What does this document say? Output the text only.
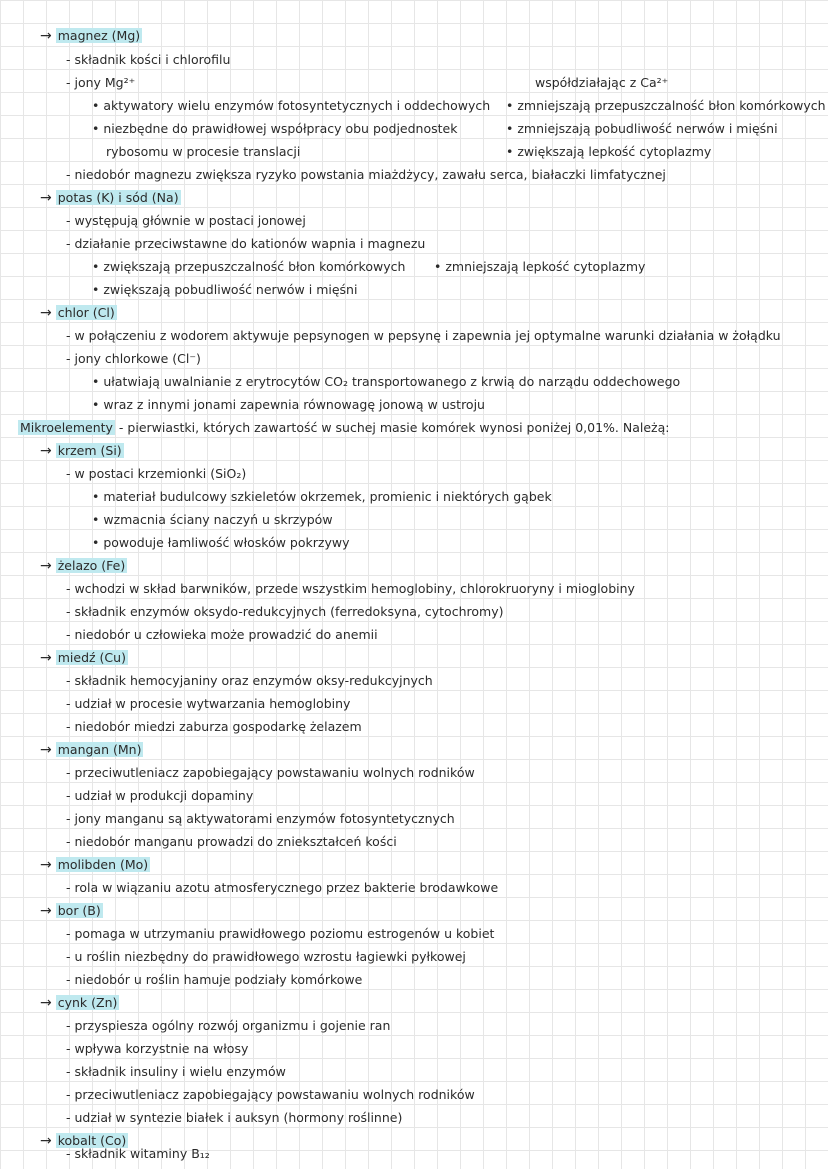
→ magnez (Mg)
- składnik kości i chlorofilu
- jony Mg²⁺	współdziałając z Ca²⁺
• aktywatory wielu enzymów fotosyntetycznych i oddechowych • zmniejszają przepuszczalność błon komórkowych
• niezbędne do prawidłowej współpracy obu podjednostek	• zmniejszają pobudliwość nerwów i mięśni
rybosomu w procesie translacji	• zwiększają lepkość cytoplazmy
- niedobór magnezu zwiększa ryzyko powstania miażdżycy, zawału serca, białaczki limfatycznej
→ potas (K) i sód (Na)
- występują głównie w postaci jonowej
- działanie przeciwstawne do kationów wapnia i magnezu
• zwiększają przepuszczalność błon komórkowych • zmniejszają lepkość cytoplazmy
• zwiększają pobudliwość nerwów i mięśni
→ chlor (Cl)
- w połączeniu z wodorem aktywuje pepsynogen w pepsynę i zapewnia jej optymalne warunki działania w żołądku
- jony chlorkowe (Cl⁻)
• ułatwiają uwalnianie z erytrocytów CO₂ transportowanego z krwią do narządu oddechowego
• wraz z innymi jonami zapewnia równowagę jonową w ustroju
Mikroelementy - pierwiastki, których zawartość w suchej masie komórek wynosi poniżej 0,01%. Należą:
→ krzem (Si)
- w postaci krzemionki (SiO₂)
• materiał budulcowy szkieletów okrzemek, promienic i niektórych gąbek
• wzmacnia ściany naczyń u skrzypów
• powoduje łamliwość włosków pokrzywy
→ żelazo (Fe)
- wchodzi w skład barwników, przede wszystkim hemoglobiny, chlorokruoryny i mioglobiny
- składnik enzymów oksydo-redukcyjnych (ferredoksyna, cytochromy)
- niedobór u człowieka może prowadzić do anemii
→ miedź (Cu)
- składnik hemocyjaniny oraz enzymów oksy-redukcyjnych
- udział w procesie wytwarzania hemoglobiny
- niedobór miedzi zaburza gospodarkę żelazem
→ mangan (Mn)
- przeciwutleniacz zapobiegający powstawaniu wolnych rodników
- udział w produkcji dopaminy
- jony manganu są aktywatorami enzymów fotosyntetycznych
- niedobór manganu prowadzi do zniekształceń kości
→ molibden (Mo)
- rola w wiązaniu azotu atmosferycznego przez bakterie brodawkowe
→ bor (B)
- pomaga w utrzymaniu prawidłowego poziomu estrogenów u kobiet
- u roślin niezbędny do prawidłowego wzrostu łagiewki pyłkowej
- niedobór u roślin hamuje podziały komórkowe
→ cynk (Zn)
- przyspiesza ogólny rozwój organizmu i gojenie ran
- wpływa korzystnie na włosy
- składnik insuliny i wielu enzymów
- przeciwutleniacz zapobiegający powstawaniu wolnych rodników
- udział w syntezie białek i auksyn (hormony roślinne)
→ kobalt (Co)
- składnik witaminy B₁₂
